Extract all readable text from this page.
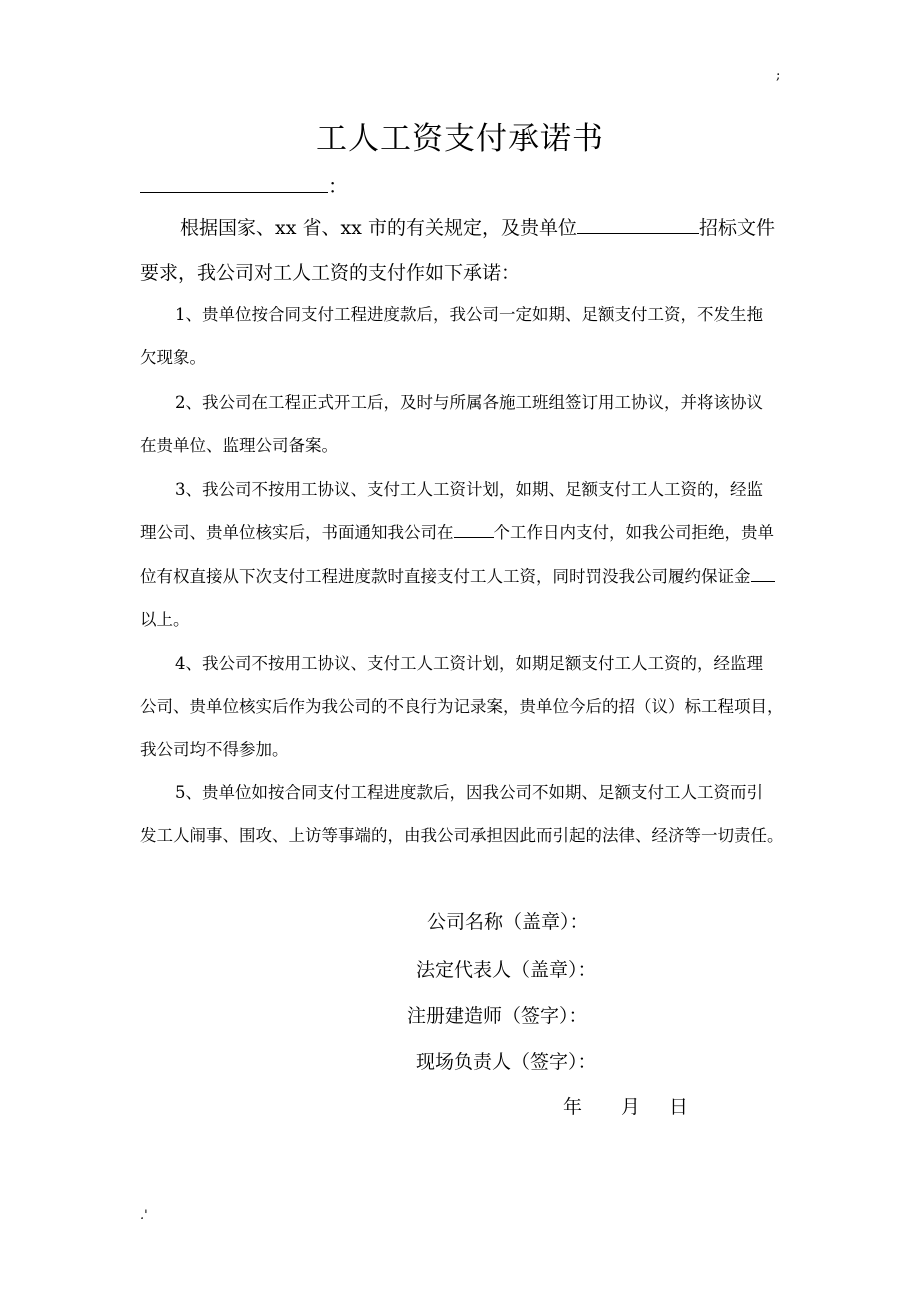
;
工人工资支付承诺书
：
根据国家、xx 省、xx 市的有关规定，及贵单位	招标文件
要求，我公司对工人工资的支付作如下承诺：
1、贵单位按合同支付工程进度款后，我公司一定如期、足额支付工资，不发生拖
欠现象。
2、我公司在工程正式开工后，及时与所属各施工班组签订用工协议，并将该协议
在贵单位、监理公司备案。
3、我公司不按用工协议、支付工人工资计划，如期、足额支付工人工资的，经监
理公司、贵单位核实后，书面通知我公司在 个工作日内支付，如我公司拒绝，贵单
位有权直接从下次支付工程进度款时直接支付工人工资，同时罚没我公司履约保证金
以上。
4、我公司不按用工协议、支付工人工资计划，如期足额支付工人工资的，经监理
公司、贵单位核实后作为我公司的不良行为记录案，贵单位今后的招（议）标工程项目，
我公司均不得参加。
5、贵单位如按合同支付工程进度款后，因我公司不如期、足额支付工人工资而引
发工人闹事、围攻、上访等事端的，由我公司承担因此而引起的法律、经济等一切责任。
公司名称（盖章）：
法定代表人（盖章）：
注册建造师（签字）：
现场负责人（签字）：
年 月 日
.'
